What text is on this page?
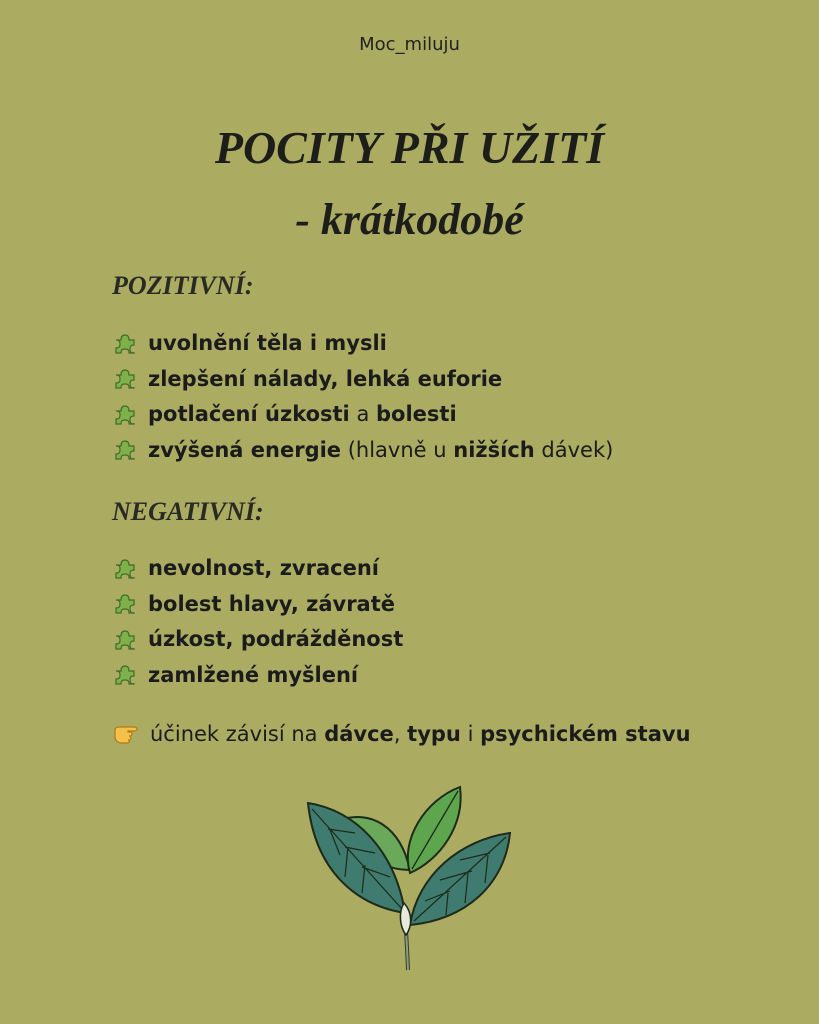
Moc_miluju
POCITY PŘI UŽITÍ
- krátkodobé
POZITIVNÍ:
uvolnění těla i mysli
zlepšení nálady, lehká euforie
potlačení úzkosti a bolesti
zvýšená energie (hlavně u nižších dávek)
NEGATIVNÍ:
nevolnost, zvracení
bolest hlavy, závratě
úzkost, podrážděnost
zamlžené myšlení
účinek závisí na dávce, typu i psychickém stavu
